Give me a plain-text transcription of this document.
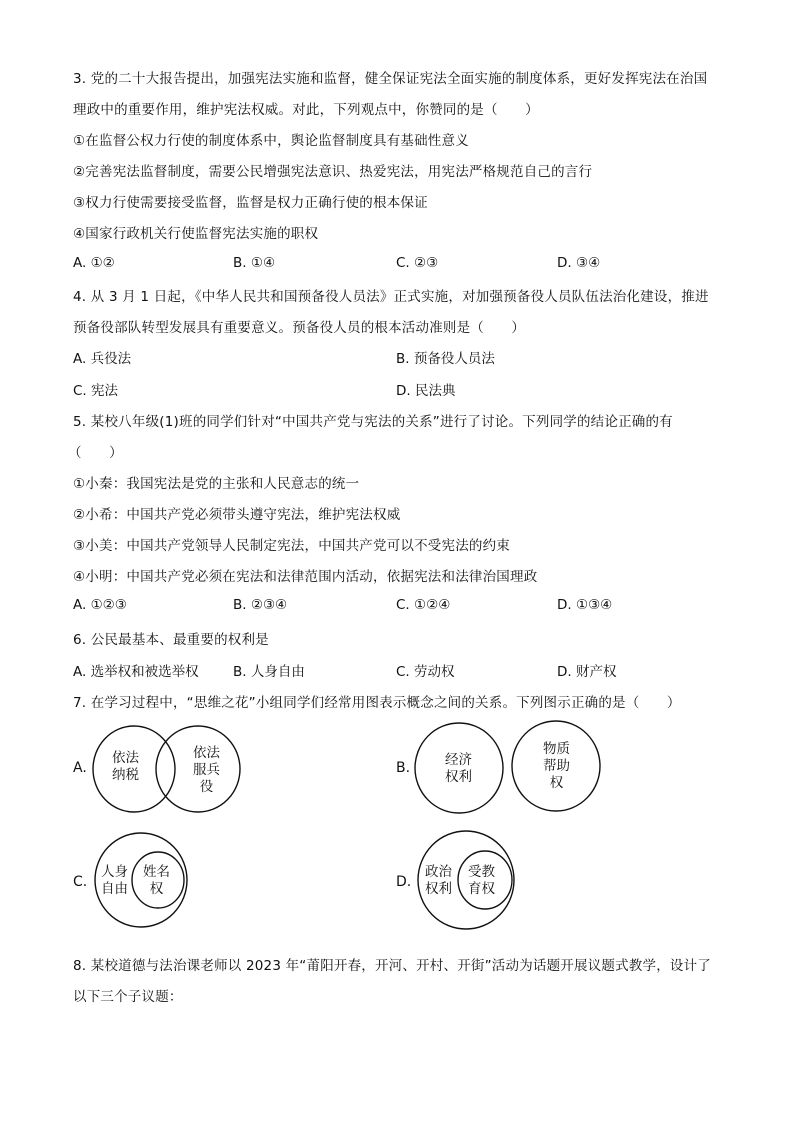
3. 党的二十大报告提出，加强宪法实施和监督，健全保证宪法全面实施的制度体系，更好发挥宪法在治国
理政中的重要作用，维护宪法权威。对此，下列观点中，你赞同的是（　　）
①在监督公权力行使的制度体系中，舆论监督制度具有基础性意义
②完善宪法监督制度，需要公民增强宪法意识、热爱宪法，用宪法严格规范自己的言行
③权力行使需要接受监督，监督是权力正确行使的根本保证
④国家行政机关行使监督宪法实施的职权
A. ①②	B. ①④	C. ②③	D. ③④
4. 从 3 月 1 日起，《中华人民共和国预备役人员法》正式实施，对加强预备役人员队伍法治化建设，推进
预备役部队转型发展具有重要意义。预备役人员的根本活动准则是（　　）
A. 兵役法	B. 预备役人员法
C. 宪法	D. 民法典
5. 某校八年级(1)班的同学们针对“中国共产党与宪法的关系”进行了讨论。下列同学的结论正确的有
（　　）
①小秦：我国宪法是党的主张和人民意志的统一
②小希：中国共产党必须带头遵守宪法，维护宪法权威
③小美：中国共产党领导人民制定宪法，中国共产党可以不受宪法的约束
④小明：中国共产党必须在宪法和法律范围内活动，依据宪法和法律治国理政
A. ①②③	B. ②③④	C. ①②④	D. ①③④
6. 公民最基本、最重要的权利是
A. 选举权和被选举权	B. 人身自由	C. 劳动权	D. 财产权
7. 在学习过程中，“思维之花”小组同学们经常用图表示概念之间的关系。下列图示正确的是（　　）
A.
依法
纳税
依法
服兵
役
B.	经济
权利
物质
帮助
权
C.
人身
自由
姓名
权	D.
政治
权利
受教
育权
8. 某校道德与法治课老师以 2023 年“莆阳开春，开河、开村、开街”活动为话题开展议题式教学，设计了
以下三个子议题：
